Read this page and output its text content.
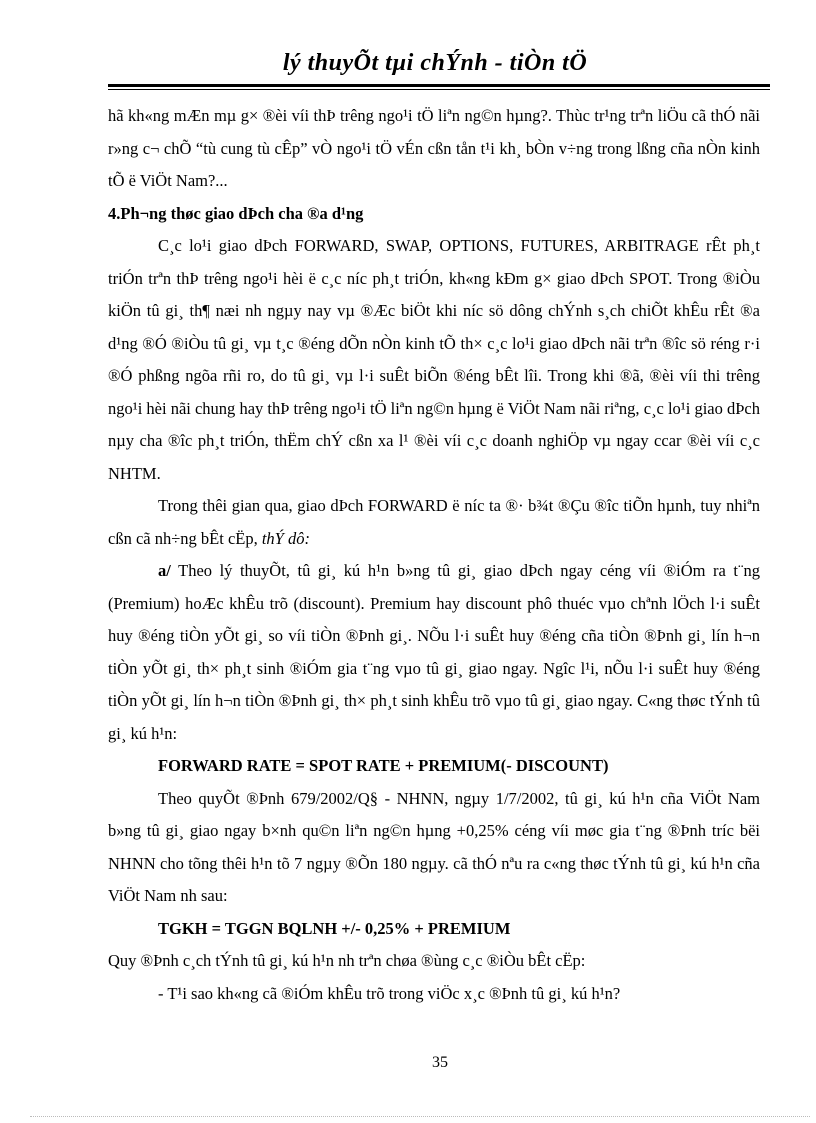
lý thuyÕt tµi chÝnh - tiÒn tÖ

hã kh«ng mÆn mµ g× ®èi víi thÞ trêng ngo¹i tÖ liªn ng©n hµng?. Thùc tr¹ng trªn liÖu cã thÓ nãi r»ng c¬ chÕ “tù cung tù cÊp” vÒ ngo¹i tÖ vÉn cßn tån t¹i kh¸ bÒn v÷ng trong lßng cña nÒn kinh tÕ ë ViÖt Nam?...

4.Ph¬ng thøc giao dÞch cha ®a d¹ng

C¸c lo¹i giao dÞch FORWARD, SWAP, OPTIONS, FUTURES, ARBITRAGE rÊt ph¸t triÓn trªn thÞ trêng ngo¹i hèi ë c¸c níc ph¸t triÓn, kh«ng kÐm g× giao dÞch SPOT. Trong ®iÒu kiÖn tû gi¸ th¶ næi nh ngµy nay vµ ®Æc biÖt khi níc sö dông chÝnh s¸ch chiÕt khÊu rÊt ®a d¹ng ®Ó ®iÒu tû gi¸ vµ t¸c ®éng dÕn nÒn kinh tÕ th× c¸c lo¹i giao dÞch nãi trªn ®îc sö réng r·i ®Ó phßng ngõa rñi ro, do tû gi¸ vµ l·i suÊt biÕn ®éng bÊt lîi. Trong khi ®ã, ®èi víi thi trêng ngo¹i hèi nãi chung hay thÞ trêng ngo¹i tÖ liªn ng©n hµng ë ViÖt Nam nãi riªng, c¸c lo¹i giao dÞch nµy cha ®îc ph¸t triÓn, thËm chÝ cßn xa l¹ ®èi víi c¸c doanh nghiÖp vµ ngay ccar ®èi víi c¸c NHTM.

Trong thêi gian qua, giao dÞch FORWARD ë níc ta ®· b¾t ®Çu ®îc tiÕn hµnh, tuy nhiªn cßn cã nh÷ng bÊt cËp, thÝ dô:

a/ Theo lý thuyÕt, tû gi¸ kú h¹n b»ng tû gi¸ giao dÞch ngay céng víi ®iÓm ra t¨ng (Premium) hoÆc khÊu trõ (discount). Premium hay discount phô thuéc vµo chªnh lÖch l·i suÊt huy ®éng tiÒn yÕt gi¸ so víi tiÒn ®Þnh gi¸. NÕu l·i suÊt huy ®éng cña tiÒn ®Þnh gi¸ lín h¬n tiÒn yÕt gi¸ th× ph¸t sinh ®iÓm gia t¨ng vµo tû gi¸ giao ngay. Ngîc l¹i, nÕu l·i suÊt huy ®éng tiÒn yÕt gi¸ lín h¬n tiÒn ®Þnh gi¸ th× ph¸t sinh khÊu trõ vµo tû gi¸ giao ngay. C«ng thøc tÝnh tû gi¸ kú h¹n:

FORWARD RATE = SPOT RATE + PREMIUM(- DISCOUNT)

Theo quyÕt ®Þnh 679/2002/Q§ - NHNN, ngµy 1/7/2002, tû gi¸ kú h¹n cña ViÖt Nam b»ng tû gi¸ giao ngay b×nh qu©n liªn ng©n hµng +0,25% céng víi møc gia t¨ng ®Þnh tríc bëi NHNN cho tõng thêi h¹n tõ 7 ngµy ®Õn 180 ngµy. cã thÓ nªu ra c«ng thøc tÝnh tû gi¸ kú h¹n cña ViÖt Nam nh sau:

TGKH = TGGN BQLNH +/- 0,25% + PREMIUM

Quy ®Þnh c¸ch tÝnh tû gi¸ kú h¹n nh trªn chøa ®ùng c¸c ®iÒu bÊt cËp:

- T¹i sao kh«ng cã ®iÓm khÊu trõ trong viÖc x¸c ®Þnh tû gi¸ kú h¹n?

35
